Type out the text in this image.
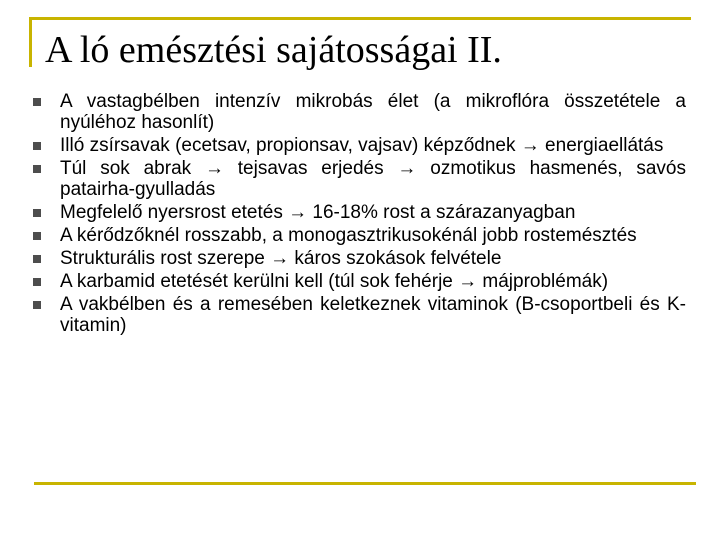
A ló emésztési sajátosságai II.
A vastagbélben intenzív mikrobás élet (a mikroflóra összetétele a nyúléhoz hasonlít)
Illó zsírsavak (ecetsav, propionsav, vajsav) képződnek → energiaellátás
Túl sok abrak → tejsavas erjedés → ozmotikus hasmenés, savós patairha-gyulladás
Megfelelő nyersrost etetés → 16-18% rost a szárazanyagban
A kérődzőknél rosszabb, a monogasztrikusokénál jobb rostemésztés
Strukturális rost szerepe → káros szokások felvétele
A karbamid etetését kerülni kell (túl sok fehérje → májproblémák)
A vakbélben és a remesében keletkeznek vitaminok (B-csoportbeli és K-vitamin)
